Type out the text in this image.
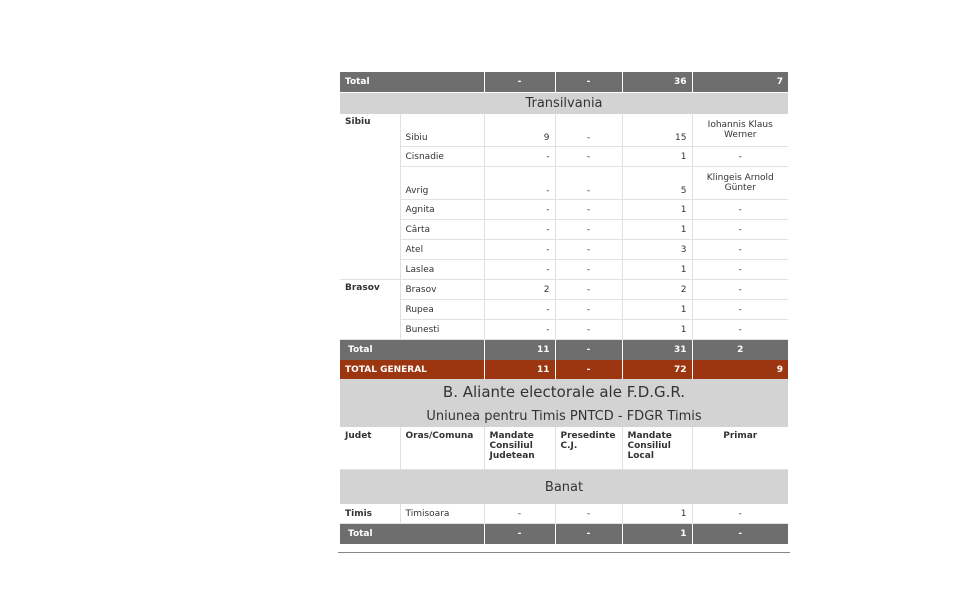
Total		-	-	36	7
Transilvania					
Sibiu	Sibiu	9	-	15	Iohannis Klaus Werner
	Cisnadie	-	-	1	-
	Avrig	-	-	5	Klingeis Arnold Günter
	Agnita	-	-	1	-
	Cârta	-	-	1	-
	Atel	-	-	3	-
	Laslea	-	-	1	-
Brasov	Brasov	2	-	2	-
	Rupea	-	-	1	-
	Bunesti	-	-	1	-
Total		11	-	31	2
TOTAL GENERAL		11	-	72	9
B. Aliante electorale ale F.D.G.R.					
Uniunea pentru Timis PNTCD - FDGR Timis					
Judet	Oras/Comuna	Mandate Consiliul Judetean	Presedinte C.J.	Mandate Consiliul Local	Primar
Banat					
Timis	Timisoara	-	-	1	-
Total		-	-	1	-
